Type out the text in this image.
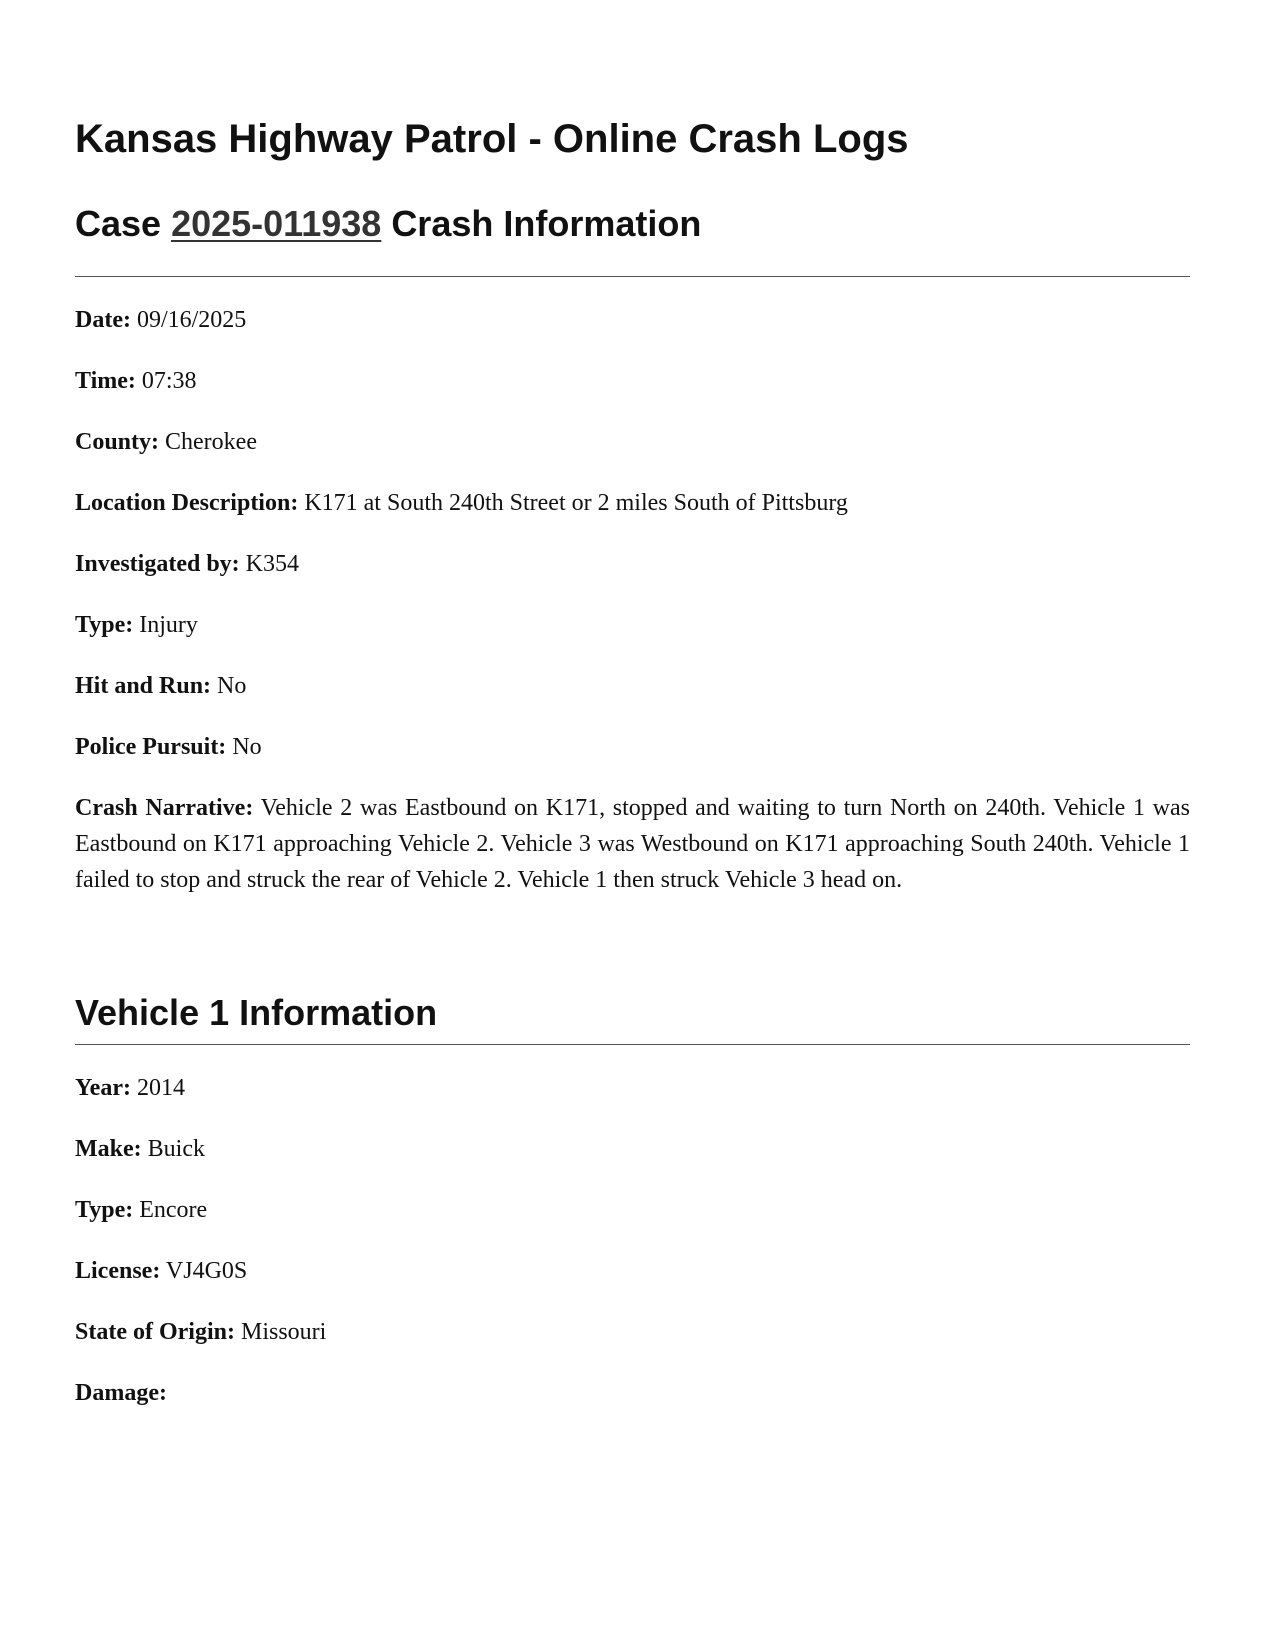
Kansas Highway Patrol - Online Crash Logs
Case 2025-011938 Crash Information

Date: 09/16/2025

Time: 07:38

County: Cherokee

Location Description: K171 at South 240th Street or 2 miles South of Pittsburg

Investigated by: K354

Type: Injury

Hit and Run: No

Police Pursuit: No

Crash Narrative: Vehicle 2 was Eastbound on K171, stopped and waiting to turn North on 240th. Vehicle 1 was Eastbound on K171 approaching Vehicle 2. Vehicle 3 was Westbound on K171 approaching South 240th. Vehicle 1 failed to stop and struck the rear of Vehicle 2. Vehicle 1 then struck Vehicle 3 head on.

Vehicle 1 Information

Year: 2014

Make: Buick

Type: Encore

License: VJ4G0S

State of Origin: Missouri

Damage:
